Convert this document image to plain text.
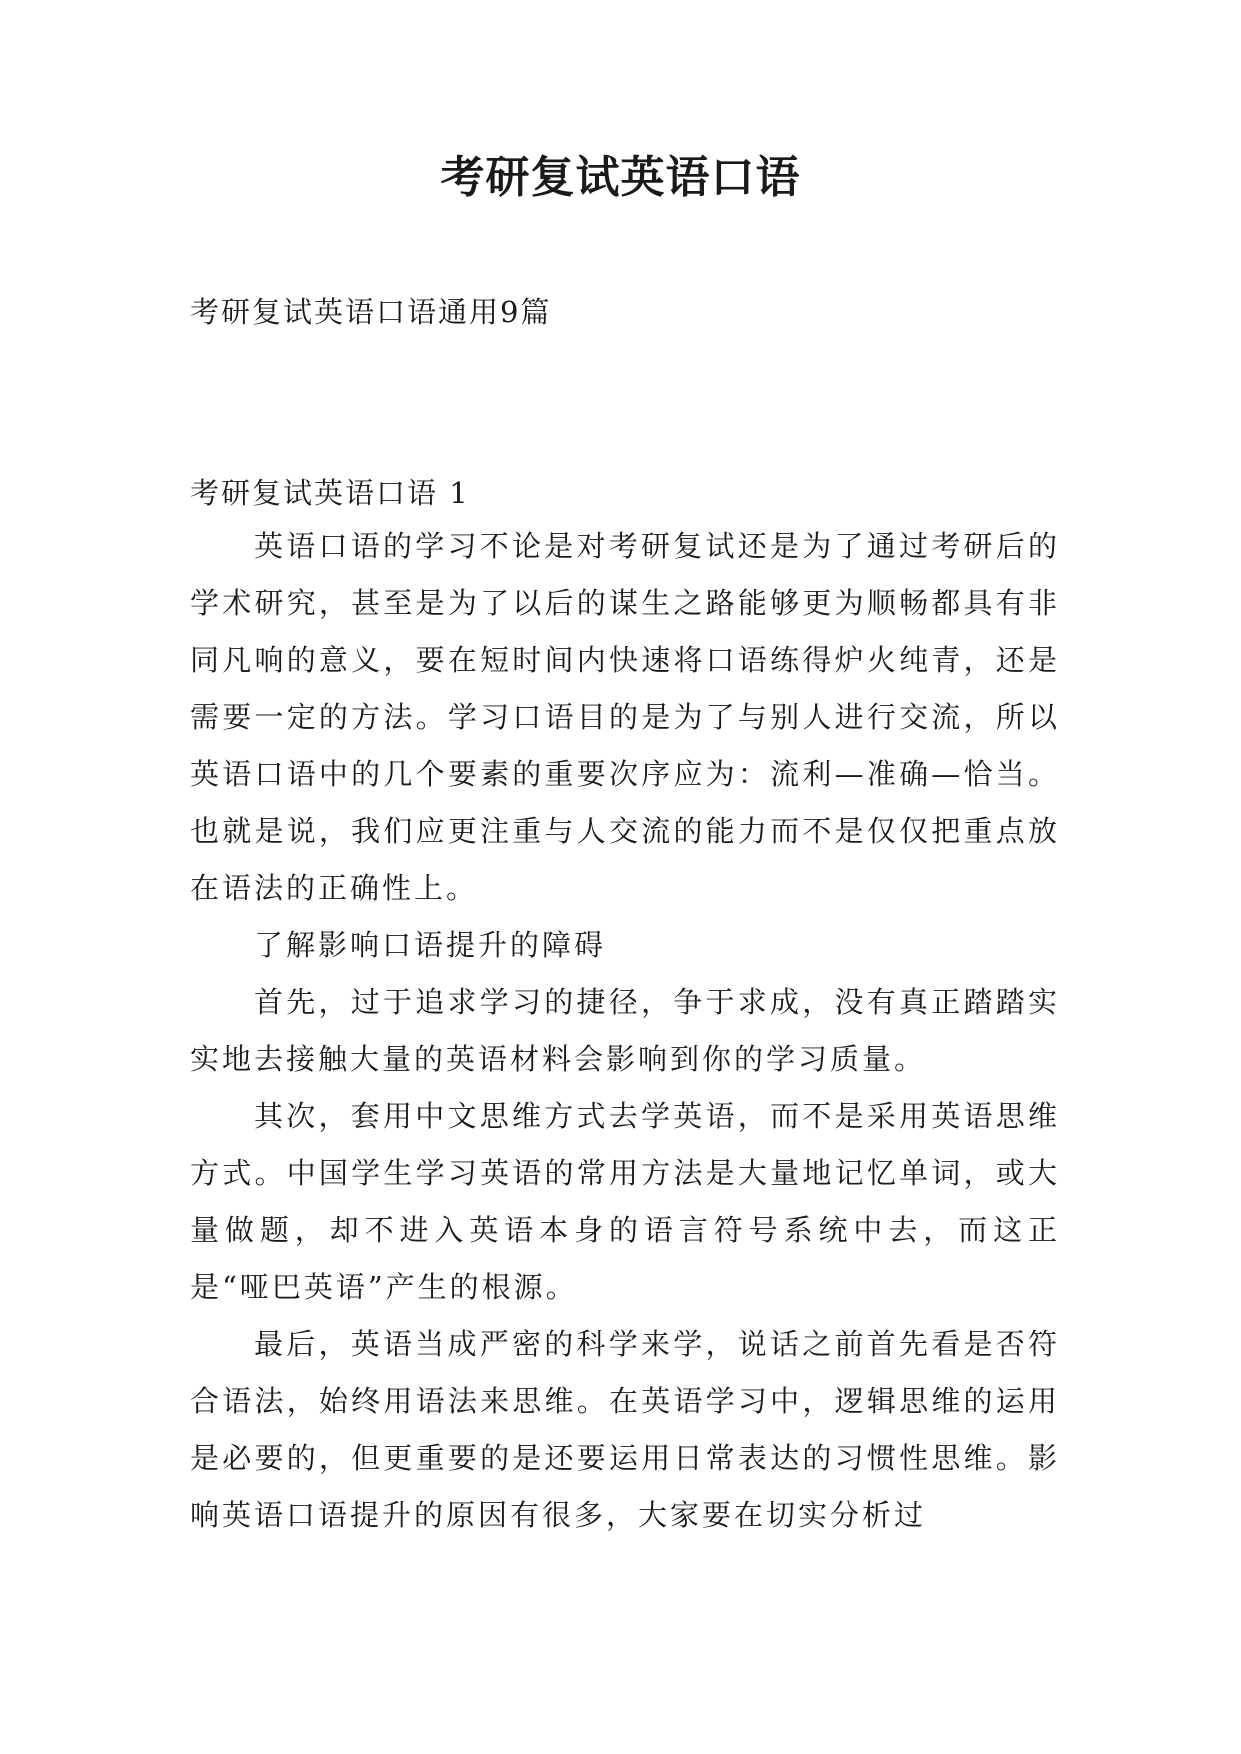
考研复试英语口语

考研复试英语口语通用9篇

考研复试英语口语 1

英语口语的学习不论是对考研复试还是为了通过考研后的学术研究，甚至是为了以后的谋生之路能够更为顺畅都具有非同凡响的意义，要在短时间内快速将口语练得炉火纯青，还是需要一定的方法。学习口语目的是为了与别人进行交流，所以英语口语中的几个要素的重要次序应为：流利—准确—恰当。也就是说，我们应更注重与人交流的能力而不是仅仅把重点放在语法的正确性上。

了解影响口语提升的障碍

首先，过于追求学习的捷径，争于求成，没有真正踏踏实实地去接触大量的英语材料会影响到你的学习质量。

其次，套用中文思维方式去学英语，而不是采用英语思维方式。中国学生学习英语的常用方法是大量地记忆单词，或大量做题，却不进入英语本身的语言符号系统中去，而这正是“哑巴英语”产生的根源。

最后，英语当成严密的科学来学，说话之前首先看是否符合语法，始终用语法来思维。在英语学习中，逻辑思维的运用是必要的，但更重要的是还要运用日常表达的习惯性思维。影响英语口语提升的原因有很多，大家要在切实分析过
